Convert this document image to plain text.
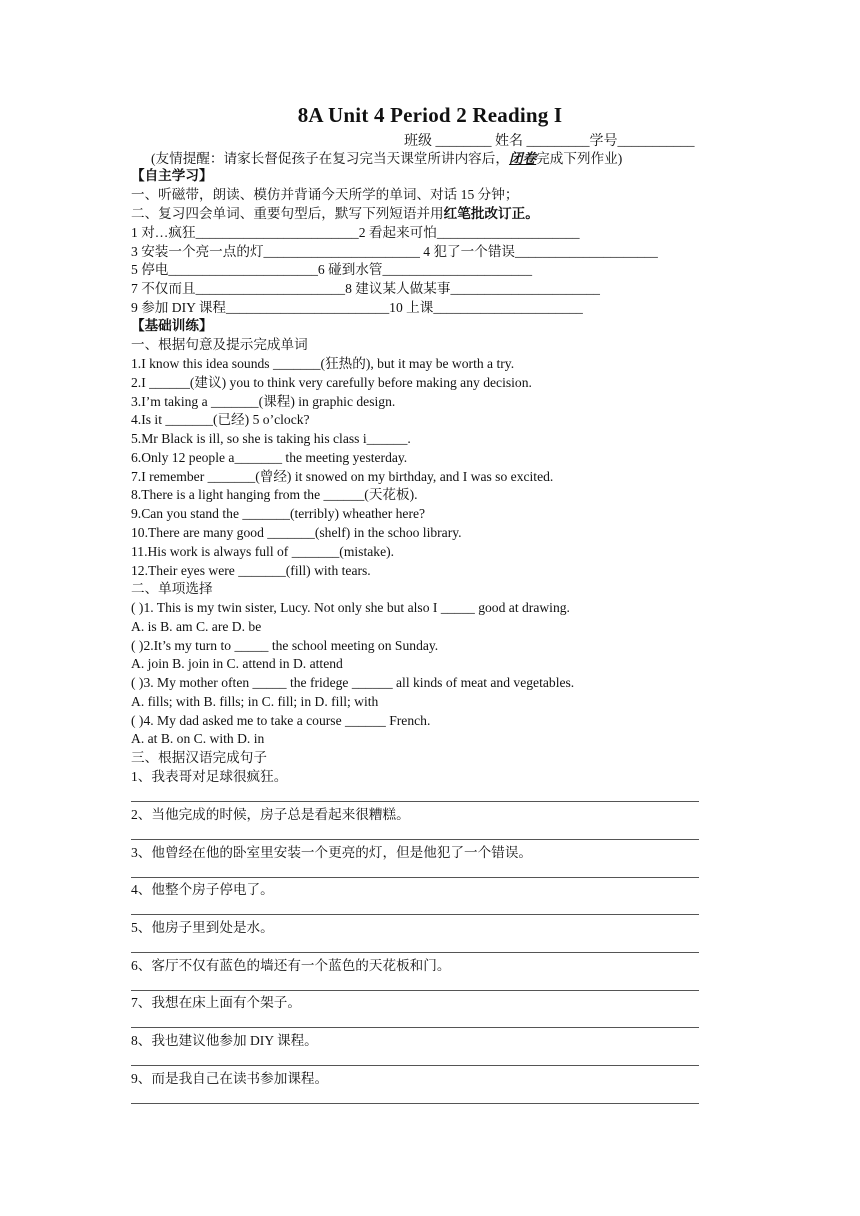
8A Unit 4 Period 2 Reading I
班级 ________ 姓名 _________学号___________
(友情提醒：请家长督促孩子在复习完当天课堂所讲内容后，闭卷完成下列作业)
【自主学习】
一、听磁带，朗读、模仿并背诵今天所学的单词、对话 15 分钟；
二、复习四会单词、重要句型后，默写下列短语并用红笔批改订正。
1 对…疯狂________________________2 看起来可怕_____________________
3 安装一个亮一点的灯_______________________ 4 犯了一个错误_____________________
5 停电______________________6 碰到水管______________________
7 不仅而且______________________8 建议某人做某事______________________
9 参加 DIY 课程________________________10 上课______________________
【基础训练】
一、根据句意及提示完成单词
1.I know this idea sounds _______(狂热的), but it may be worth a try.
2.I ______(建议) you to think very carefully before making any decision.
3.I’m taking a _______(课程) in graphic design.
4.Is it _______(已经) 5 o’clock?
5.Mr Black is ill, so she is taking his class i______.
6.Only 12 people a_______ the meeting yesterday.
7.I remember _______(曾经) it snowed on my birthday, and I was so excited.
8.There is a light hanging from the ______(天花板).
9.Can you stand the _______(terribly) wheather here?
10.There are many good _______(shelf) in the schoo library.
11.His work is always full of _______(mistake).
12.Their eyes were _______(fill) with tears.
二、单项选择
( )1. This is my twin sister, Lucy. Not only she but also I _____ good at drawing.
A. is B. am C. are D. be
( )2.It’s my turn to _____ the school meeting on Sunday.
A. join B. join in C. attend in D. attend
( )3. My mother often _____ the fridege ______ all kinds of meat and vegetables.
A. fills; with B. fills; in C. fill; in D. fill; with
( )4. My dad asked me to take a course ______ French.
A. at B. on C. with D. in
三、根据汉语完成句子
1、我表哥对足球很疯狂。
2、当他完成的时候，房子总是看起来很糟糕。
3、他曾经在他的卧室里安装一个更亮的灯，但是他犯了一个错误。
4、他整个房子停电了。
5、他房子里到处是水。
6、客厅不仅有蓝色的墙还有一个蓝色的天花板和门。
7、我想在床上面有个架子。
8、我也建议他参加 DIY 课程。
9、而是我自己在读书参加课程。
